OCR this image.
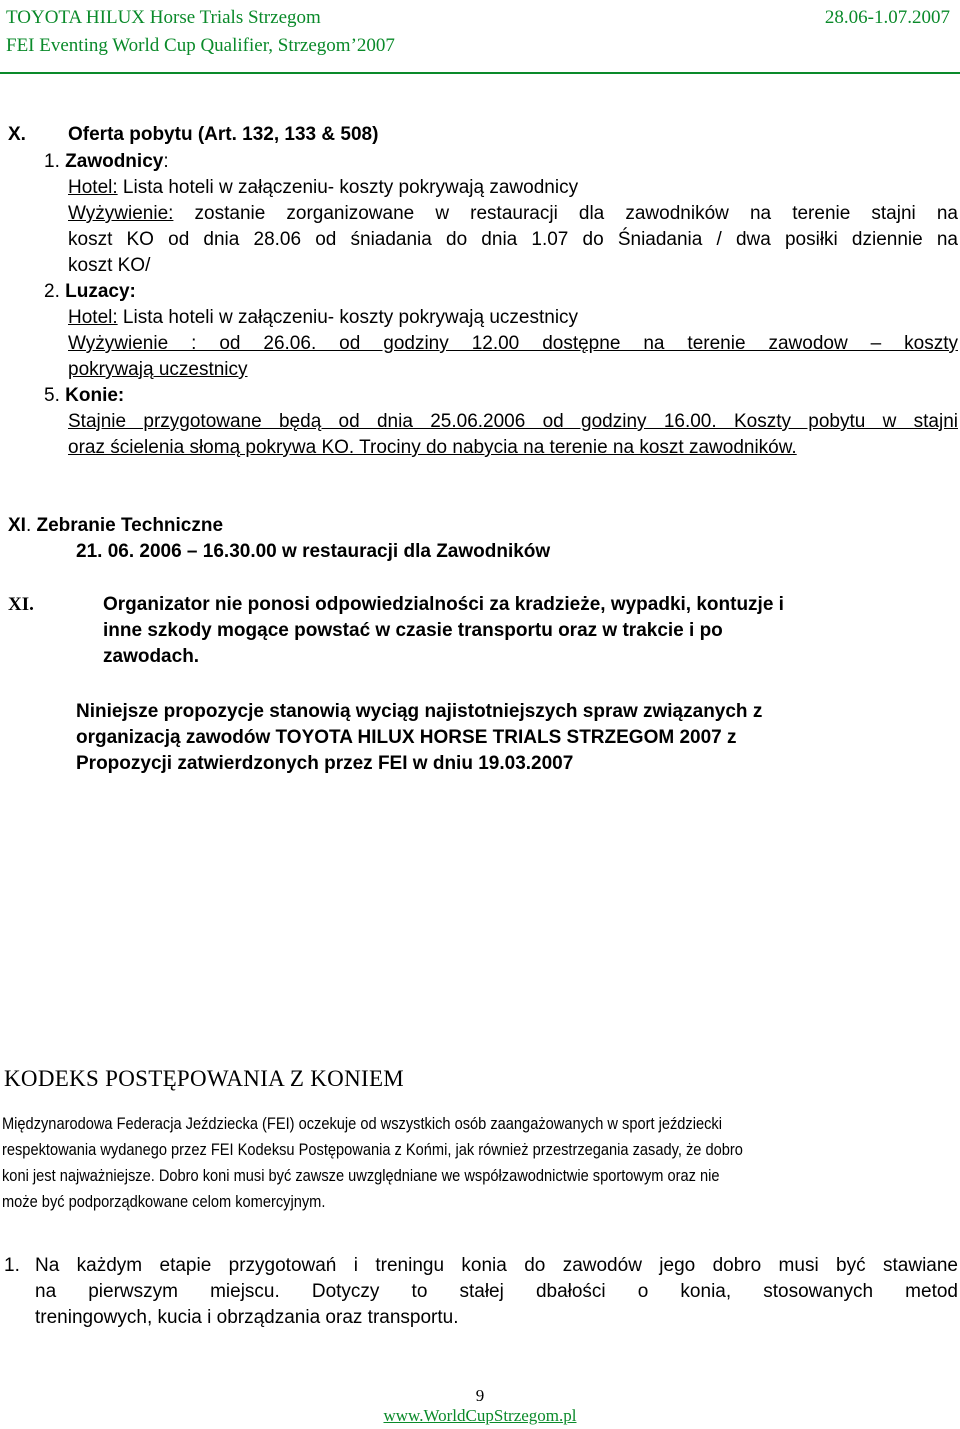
TOYOTA HILUX Horse Trials Strzegom	28.06-1.07.2007
FEI Eventing World Cup Qualifier, Strzegom’2007
X. Oferta pobytu (Art. 132, 133 & 508)
1. Zawodnicy:
Hotel: Lista hoteli w załączeniu- koszty pokrywają zawodnicy
Wyżywienie: zostanie zorganizowane w restauracji dla zawodników na terenie stajni na
koszt KO od dnia 28.06 od śniadania do dnia 1.07 do Śniadania / dwa posiłki dziennie na
koszt KO/
2. Luzacy:
Hotel: Lista hoteli w załączeniu- koszty pokrywają uczestnicy
Wyżywienie : od 26.06. od godziny 12.00 dostępne na terenie zawodow – koszty
pokrywają uczestnicy
5. Konie:
Stajnie przygotowane będą od dnia 25.06.2006 od godziny 16.00. Koszty pobytu w stajni
oraz ścielenia słomą pokrywa KO. Trociny do nabycia na terenie na koszt zawodników.
XI. Zebranie Techniczne
21. 06. 2006 – 16.30.00 w restauracji dla Zawodników
XI.	Organizator nie ponosi odpowiedzialności za kradzieże, wypadki, kontuzje i
inne szkody mogące powstać w czasie transportu oraz w trakcie i po
zawodach.
Niniejsze propozycje stanowią wyciąg najistotniejszych spraw związanych z
organizacją zawodów TOYOTA HILUX HORSE TRIALS STRZEGOM 2007 z
Propozycji zatwierdzonych przez FEI w dniu 19.03.2007
KODEKS POSTĘPOWANIA Z KONIEM
Międzynarodowa Federacja Jeździecka (FEI) oczekuje od wszystkich osób zaangażowanych w sport jeździecki
respektowania wydanego przez FEI Kodeksu Postępowania z Końmi, jak również przestrzegania zasady, że dobro
koni jest najważniejsze. Dobro koni musi być zawsze uwzględniane we współzawodnictwie sportowym oraz nie
może być podporządkowane celom komercyjnym.
1. Na każdym etapie przygotowań i treningu konia do zawodów jego dobro musi być stawiane
na pierwszym miejscu. Dotyczy to stałej dbałości o konia, stosowanych metod
treningowych, kucia i obrządzania oraz transportu.
9
www.WorldCupStrzegom.pl
